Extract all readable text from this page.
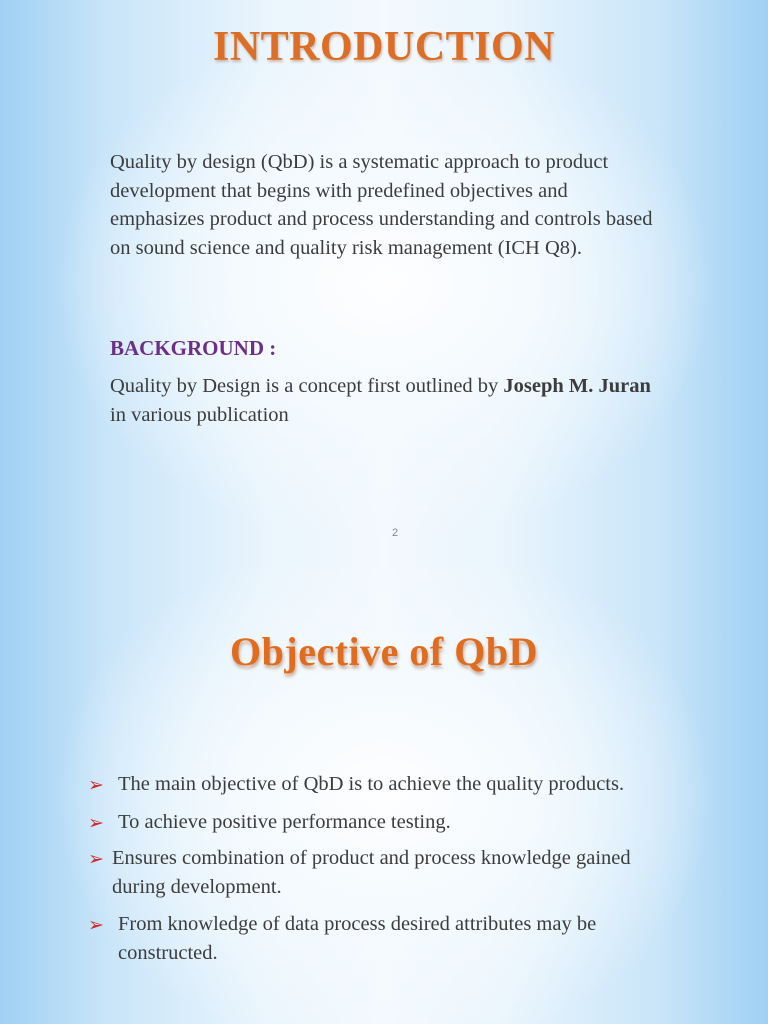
INTRODUCTION

Quality by design (QbD) is a systematic approach to product development that begins with predefined objectives and emphasizes product and process understanding and controls based on sound science and quality risk management (ICH Q8).

BACKGROUND :

Quality by Design is a concept first outlined by Joseph M. Juran in various publication

2
Objective of QbD
➢ The main objective of QbD is to achieve the quality products.
➢ To achieve positive performance testing.
➢ Ensures combination of product and process knowledge gained during development.
➢ From knowledge of data process desired attributes may be constructed.
